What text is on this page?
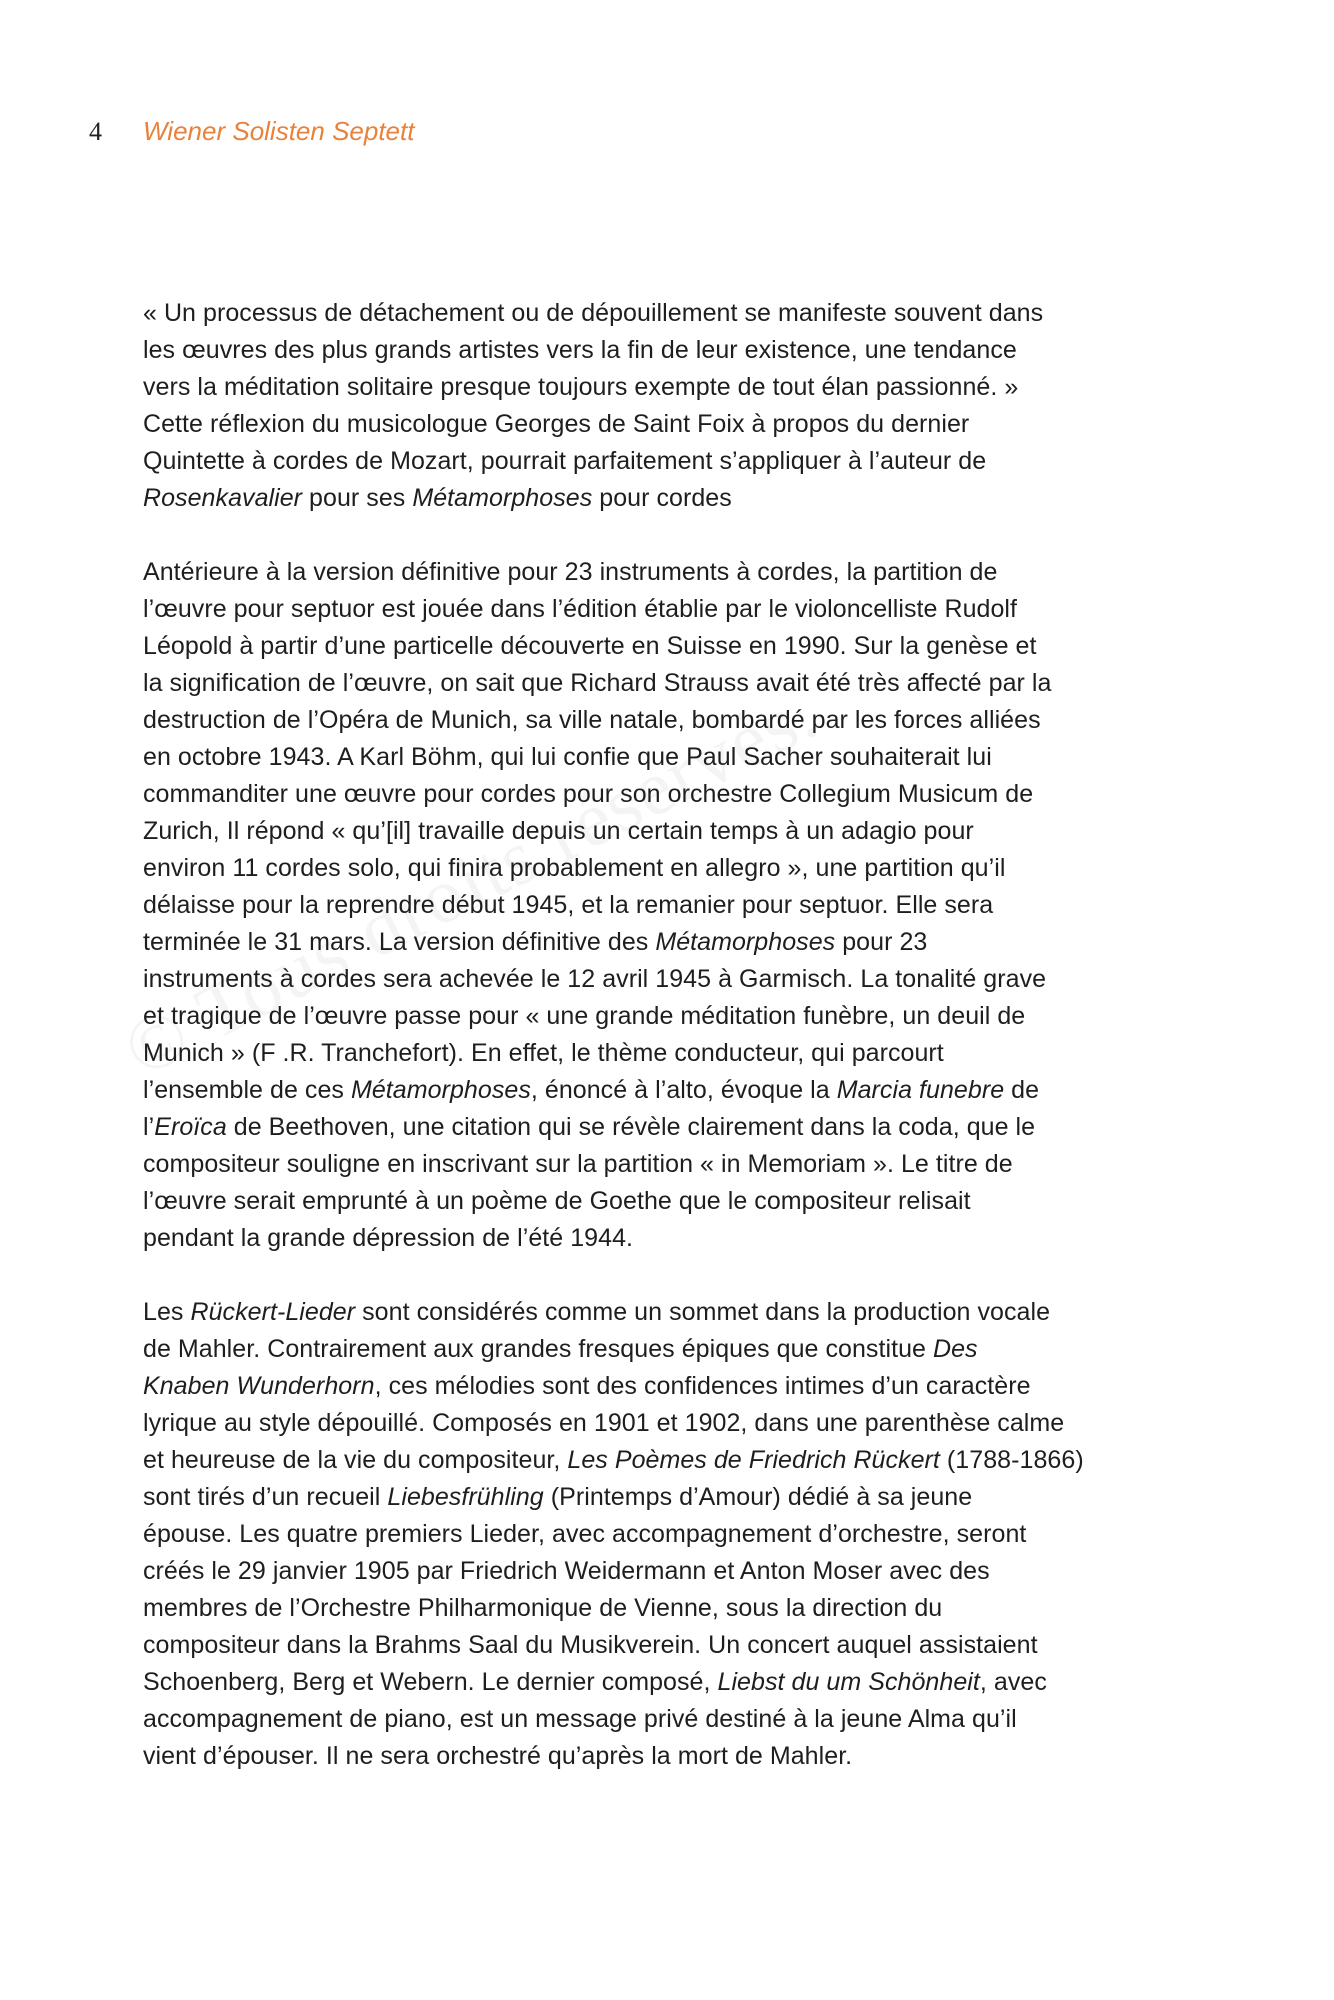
4	Wiener Solisten Septett
« Un processus de détachement ou de dépouillement se manifeste souvent dans
les œuvres des plus grands artistes vers la fin de leur existence, une tendance
vers la méditation solitaire presque toujours exempte de tout élan passionné. »
Cette réflexion du musicologue Georges de Saint Foix à propos du dernier
Quintette à cordes de Mozart, pourrait parfaitement s’appliquer à l’auteur de
Rosenkavalier pour ses Métamorphoses pour cordes
Antérieure à la version définitive pour 23 instruments à cordes, la partition de
l’œuvre pour septuor est jouée dans l’édition établie par le violoncelliste Rudolf
Léopold à partir d’une particelle découverte en Suisse en 1990. Sur la genèse et
la signification de l’œuvre, on sait que Richard Strauss avait été très affecté par la
destruction de l’Opéra de Munich, sa ville natale, bombardé par les forces alliées
en octobre 1943. A Karl Böhm, qui lui confie que Paul Sacher souhaiterait lui
commanditer une œuvre pour cordes pour son orchestre Collegium Musicum de
Zurich, Il répond « qu’[il] travaille depuis un certain temps à un adagio pour
environ 11 cordes solo, qui finira probablement en allegro », une partition qu’il
délaisse pour la reprendre début 1945, et la remanier pour septuor. Elle sera
terminée le 31 mars. La version définitive des Métamorphoses pour 23
instruments à cordes sera achevée le 12 avril 1945 à Garmisch. La tonalité grave
et tragique de l’œuvre passe pour « une grande méditation funèbre, un deuil de
Munich » (F .R. Tranchefort). En effet, le thème conducteur, qui parcourt
l’ensemble de ces Métamorphoses, énoncé à l’alto, évoque la Marcia funebre de
l’Eroïca de Beethoven, une citation qui se révèle clairement dans la coda, que le
compositeur souligne en inscrivant sur la partition « in Memoriam ». Le titre de
l’œuvre serait emprunté à un poème de Goethe que le compositeur relisait
pendant la grande dépression de l’été 1944.
Les Rückert-Lieder sont considérés comme un sommet dans la production vocale
de Mahler. Contrairement aux grandes fresques épiques que constitue Des
Knaben Wunderhorn, ces mélodies sont des confidences intimes d’un caractère
lyrique au style dépouillé. Composés en 1901 et 1902, dans une parenthèse calme
et heureuse de la vie du compositeur, Les Poèmes de Friedrich Rückert (1788-1866)
sont tirés d’un recueil Liebesfrühling (Printemps d’Amour) dédié à sa jeune
épouse. Les quatre premiers Lieder, avec accompagnement d’orchestre, seront
créés le 29 janvier 1905 par Friedrich Weidermann et Anton Moser avec des
membres de l’Orchestre Philharmonique de Vienne, sous la direction du
compositeur dans la Brahms Saal du Musikverein. Un concert auquel assistaient
Schoenberg, Berg et Webern. Le dernier composé, Liebst du um Schönheit, avec
accompagnement de piano, est un message privé destiné à la jeune Alma qu’il
vient d’épouser. Il ne sera orchestré qu’après la mort de Mahler.
